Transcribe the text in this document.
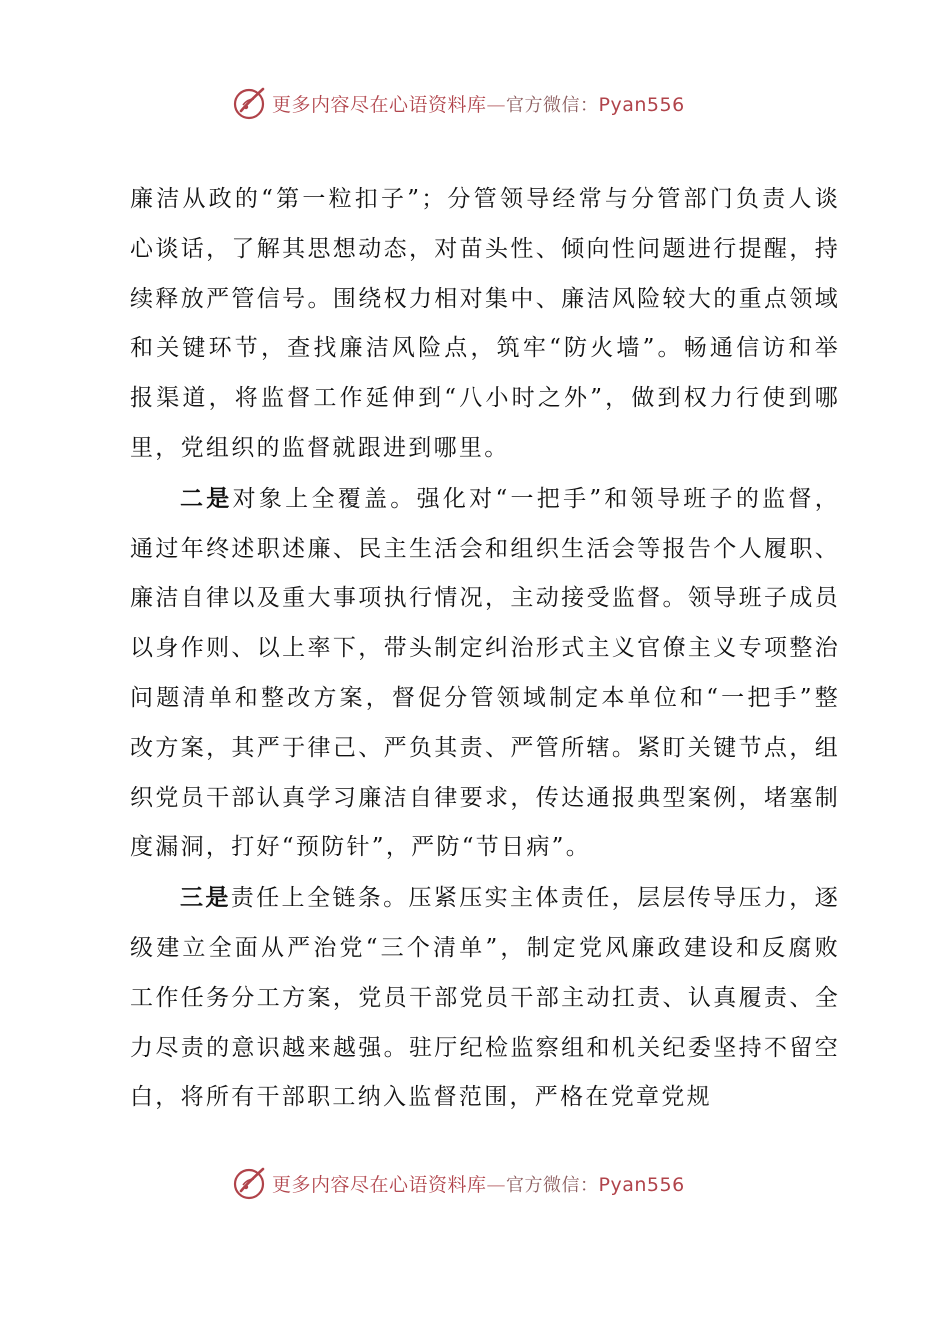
更多内容尽在心语资料库—官方微信：Pyan556

廉洁从政的“第一粒扣子”；分管领导经常与分管部门负责人谈心谈话，了解其思想动态，对苗头性、倾向性问题进行提醒，持续释放严管信号。围绕权力相对集中、廉洁风险较大的重点领域和关键环节，查找廉洁风险点，筑牢“防火墙”。畅通信访和举报渠道，将监督工作延伸到“八小时之外”，做到权力行使到哪里，党组织的监督就跟进到哪里。

二是对象上全覆盖。强化对“一把手”和领导班子的监督，通过年终述职述廉、民主生活会和组织生活会等报告个人履职、廉洁自律以及重大事项执行情况，主动接受监督。领导班子成员以身作则、以上率下，带头制定纠治形式主义官僚主义专项整治问题清单和整改方案，督促分管领域制定本单位和“一把手”整改方案，其严于律己、严负其责、严管所辖。紧盯关键节点，组织党员干部认真学习廉洁自律要求，传达通报典型案例，堵塞制度漏洞，打好“预防针”，严防“节日病”。

三是责任上全链条。压紧压实主体责任，层层传导压力，逐级建立全面从严治党“三个清单”，制定党风廉政建设和反腐败工作任务分工方案，党员干部党员干部主动扛责、认真履责、全力尽责的意识越来越强。驻厅纪检监察组和机关纪委坚持不留空白，将所有干部职工纳入监督范围，严格在党章党规

更多内容尽在心语资料库—官方微信：Pyan556
